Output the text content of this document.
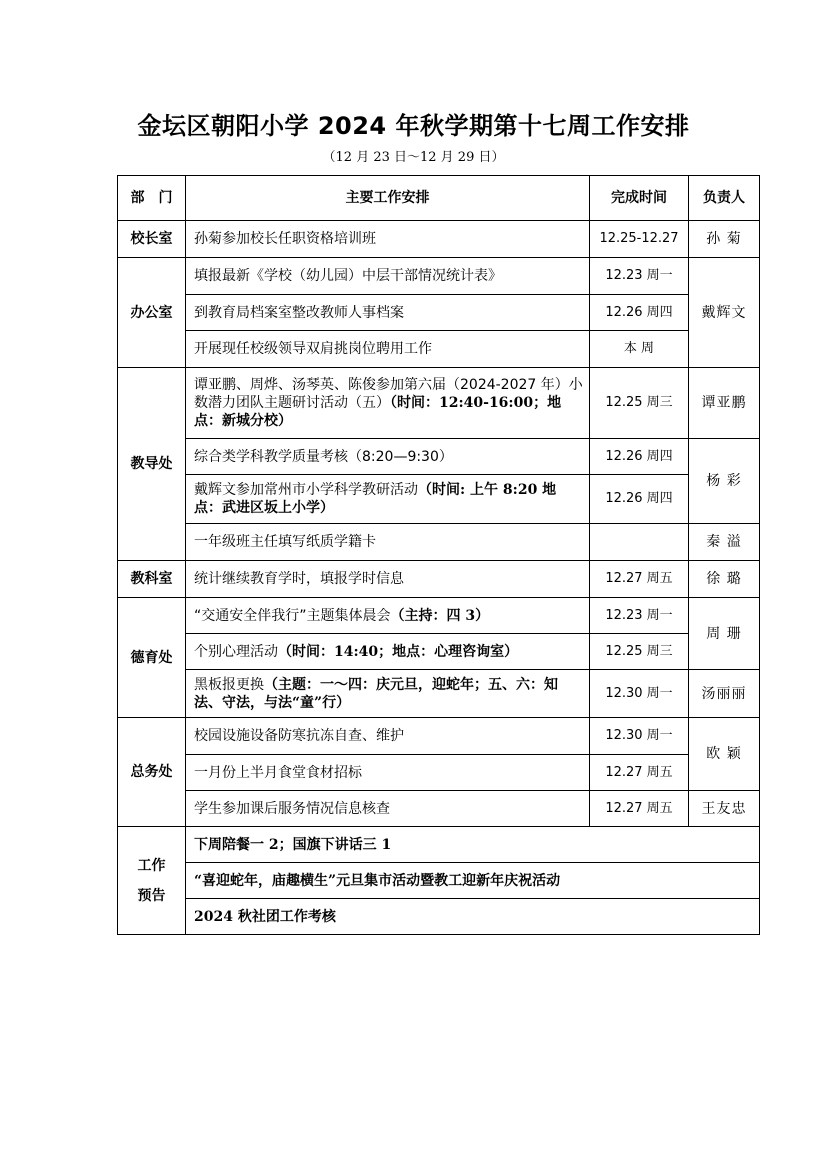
金坛区朝阳小学 2024 年秋学期第十七周工作安排
（12 月 23 日～12 月 29 日）
部　门	主要工作安排	完成时间	负责人
校长室	孙菊参加校长任职资格培训班	12.25-12.27	孙 菊
办公室	填报最新《学校（幼儿园）中层干部情况统计表》	12.23 周一	戴辉文
	到教育局档案室整改教师人事档案	12.26 周四	
	开展现任校级领导双肩挑岗位聘用工作	本 周	
教导处	谭亚鹏、周烨、汤琴英、陈俊参加第六届（2024-2027 年）小数潜力团队主题研讨活动（五）（时间：12:40-16:00；地点：新城分校）	12.25 周三	谭亚鹏
	综合类学科教学质量考核（8:20—9:30）	12.26 周四	杨 彩
	戴辉文参加常州市小学科学教研活动（时间: 上午 8:20 地点：武进区坂上小学）	12.26 周四	
	一年级班主任填写纸质学籍卡		秦 溢
教科室	统计继续教育学时，填报学时信息	12.27 周五	徐 璐
德育处	“交通安全伴我行”主题集体晨会（主持：四 3）	12.23 周一	周 珊
	个别心理活动（时间：14:40；地点：心理咨询室）	12.25 周三	
	黑板报更换（主题：一～四：庆元旦，迎蛇年；五、六：知法、守法，与法“童”行）	12.30 周一	汤丽丽
总务处	校园设施设备防寒抗冻自查、维护	12.30 周一	欧 颖
	一月份上半月食堂食材招标	12.27 周五	
	学生参加课后服务情况信息核查	12.27 周五	王友忠

工作
预告	下周陪餐一 2；国旗下讲话三 1		
	“喜迎蛇年，庙趣横生”元旦集市活动暨教工迎新年庆祝活动		
	2024 秋社团工作考核		
